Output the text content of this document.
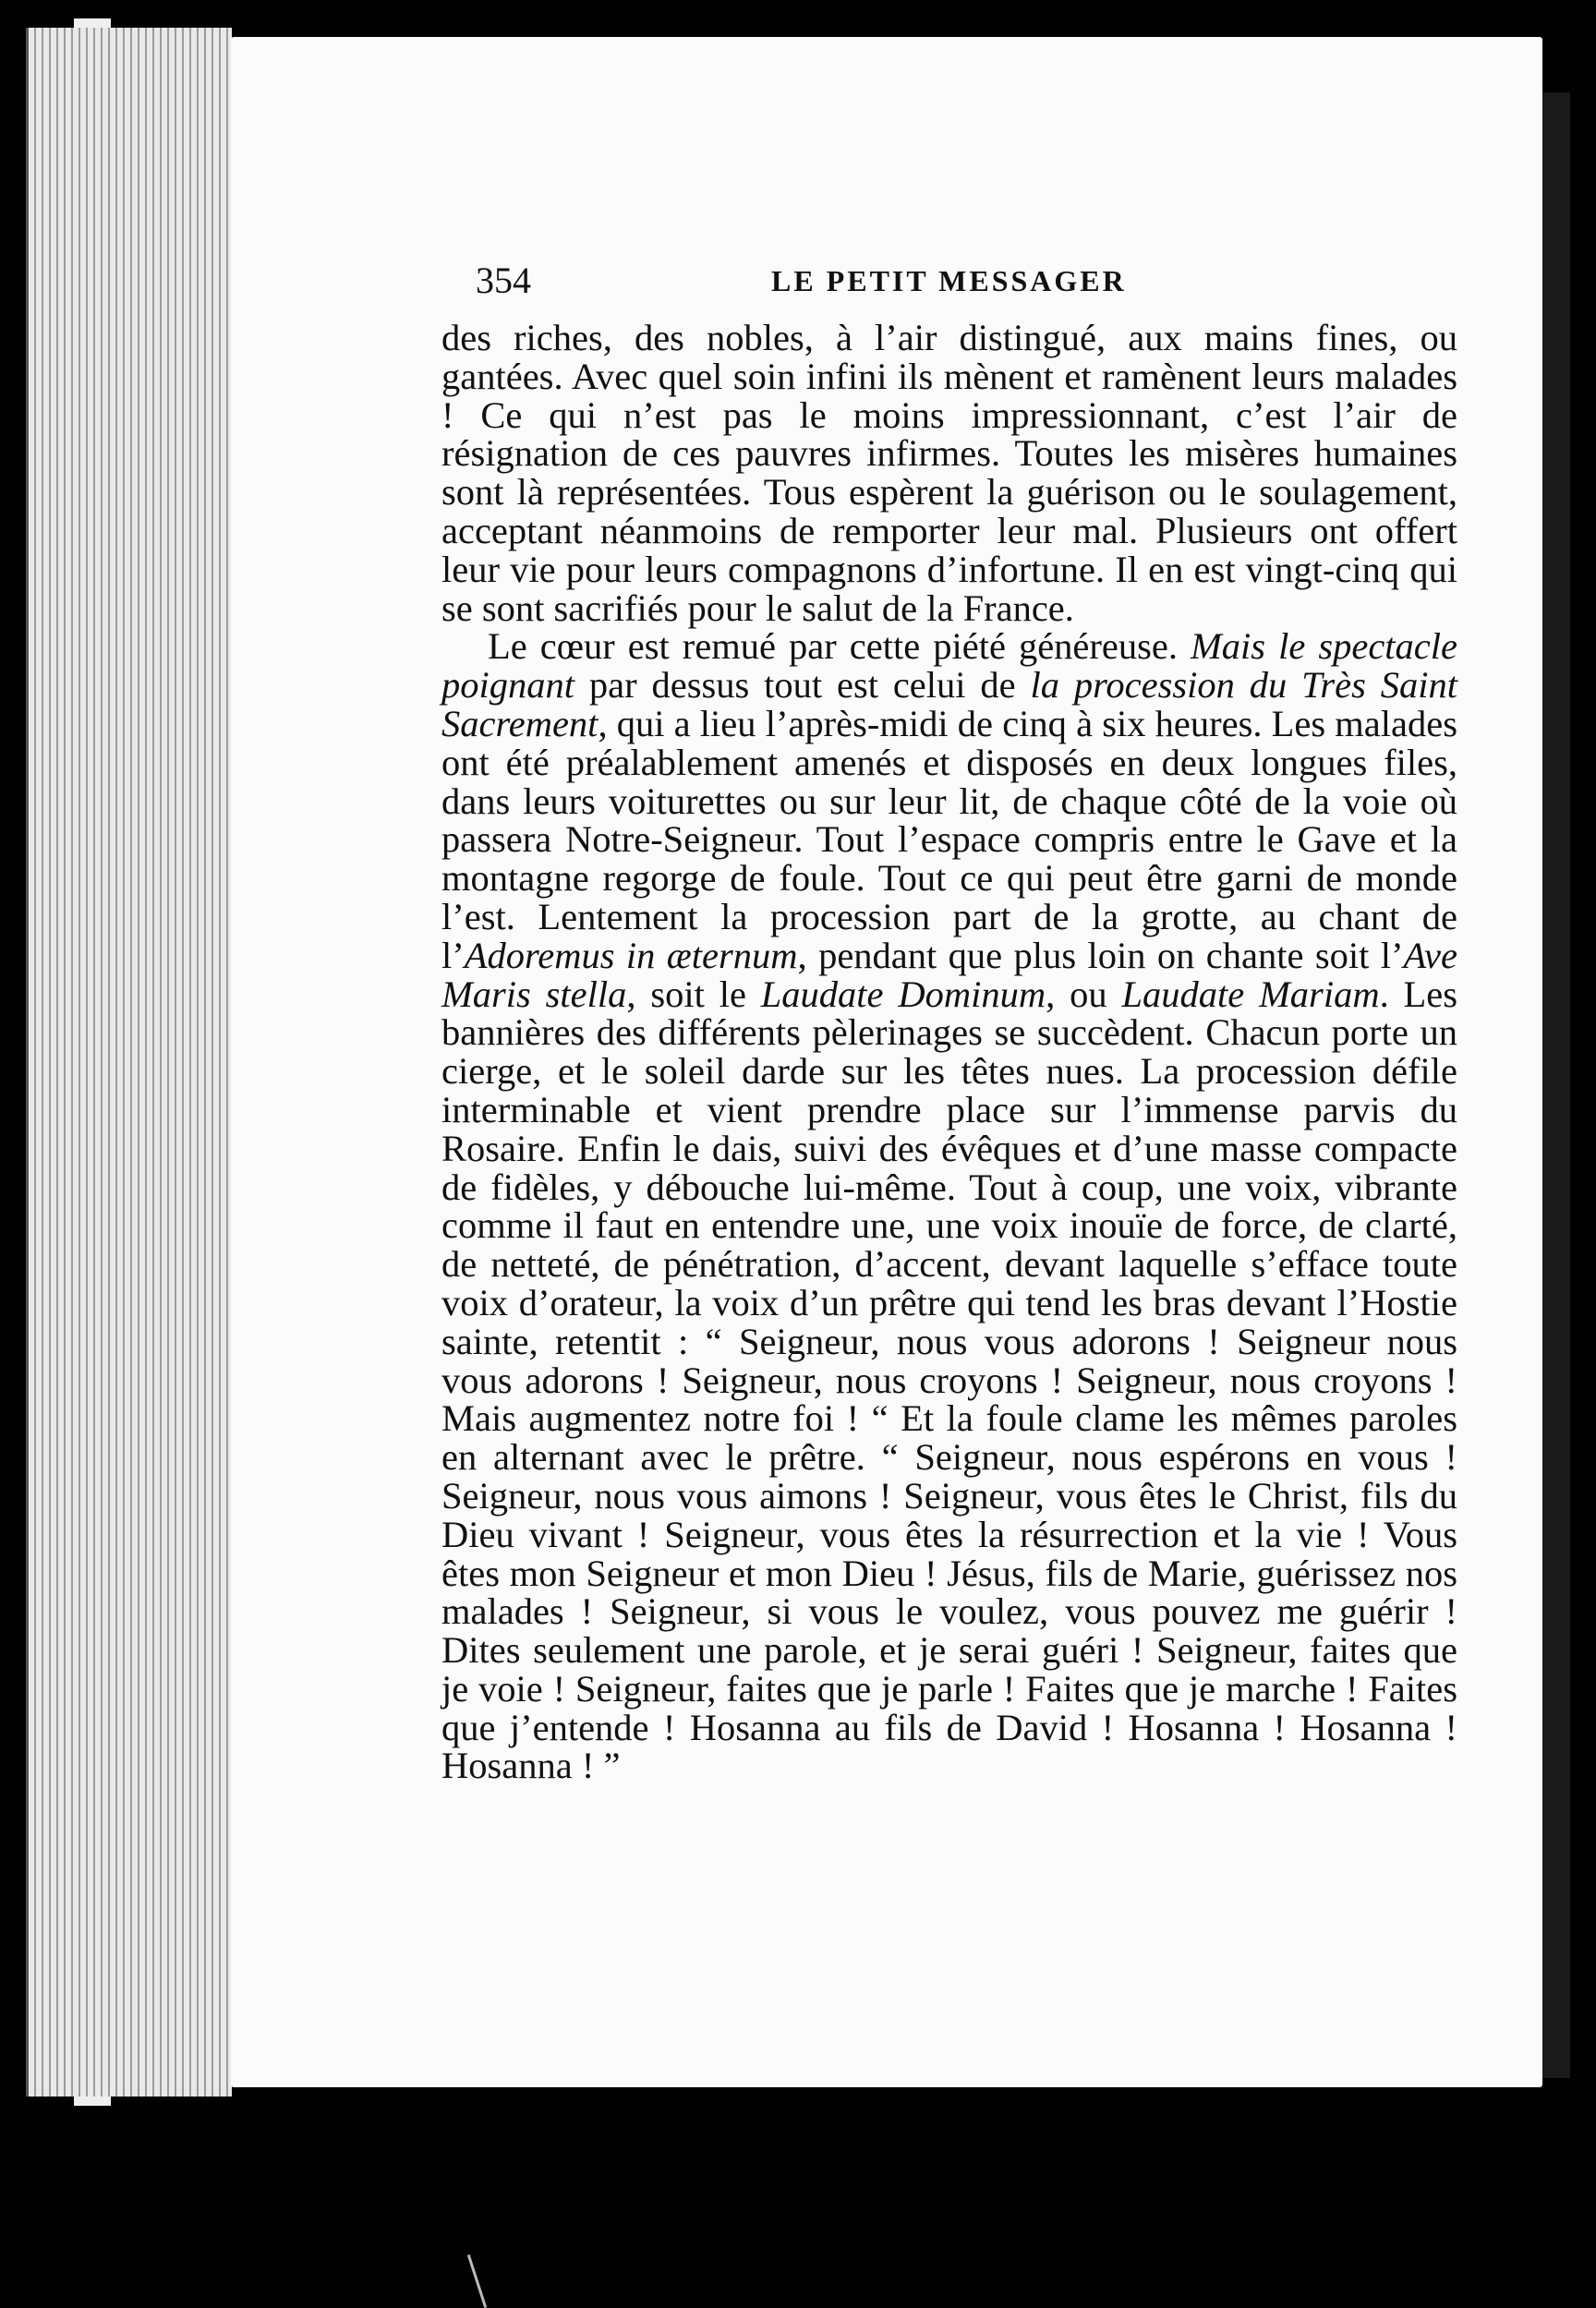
354	LE PETIT MESSAGER

des riches, des nobles, à l’air distingué, aux mains fines, ou gantées. Avec quel soin infini ils mènent et ramènent leurs malades ! Ce qui n’est pas le moins impressionnant, c’est l’air de résignation de ces pauvres infirmes. Toutes les misères humaines sont là représentées. Tous espèrent la guérison ou le soulagement, acceptant néanmoins de remporter leur mal. Plusieurs ont offert leur vie pour leurs compagnons d’infortune. Il en est vingt-cinq qui se sont sacrifiés pour le salut de la France.

Le cœur est remué par cette piété généreuse. Mais le spectacle poignant par dessus tout est celui de la procession du Très Saint Sacrement, qui a lieu l’après-midi de cinq à six heures. Les malades ont été préalablement amenés et disposés en deux longues files, dans leurs voiturettes ou sur leur lit, de chaque côté de la voie où passera Notre-Seigneur. Tout l’espace compris entre le Gave et la montagne regorge de foule. Tout ce qui peut être garni de monde l’est. Lentement la procession part de la grotte, au chant de l’Adoremus in æternum, pendant que plus loin on chante soit l’Ave Maris stella, soit le Laudate Dominum, ou Laudate Mariam. Les bannières des différents pèlerinages se succèdent. Chacun porte un cierge, et le soleil darde sur les têtes nues. La procession défile interminable et vient prendre place sur l’immense parvis du Rosaire. Enfin le dais, suivi des évêques et d’une masse compacte de fidèles, y débouche lui-même. Tout à coup, une voix, vibrante comme il faut en entendre une, une voix inouïe de force, de clarté, de netteté, de pénétration, d’accent, devant laquelle s’efface toute voix d’orateur, la voix d’un prêtre qui tend les bras devant l’Hostie sainte, retentit : “ Seigneur, nous vous adorons ! Seigneur nous vous adorons ! Seigneur, nous croyons ! Seigneur, nous croyons ! Mais augmentez notre foi ! “ Et la foule clame les mêmes paroles en alternant avec le prêtre. “ Seigneur, nous espérons en vous ! Seigneur, nous vous aimons ! Seigneur, vous êtes le Christ, fils du Dieu vivant ! Seigneur, vous êtes la résurrection et la vie ! Vous êtes mon Seigneur et mon Dieu ! Jésus, fils de Marie, guérissez nos malades ! Seigneur, si vous le voulez, vous pouvez me guérir ! Dites seulement une parole, et je serai guéri ! Seigneur, faites que je voie ! Seigneur, faites que je parle ! Faites que je marche ! Faites que j’entende ! Hosanna au fils de David ! Hosanna ! Hosanna ! Hosanna ! ”
